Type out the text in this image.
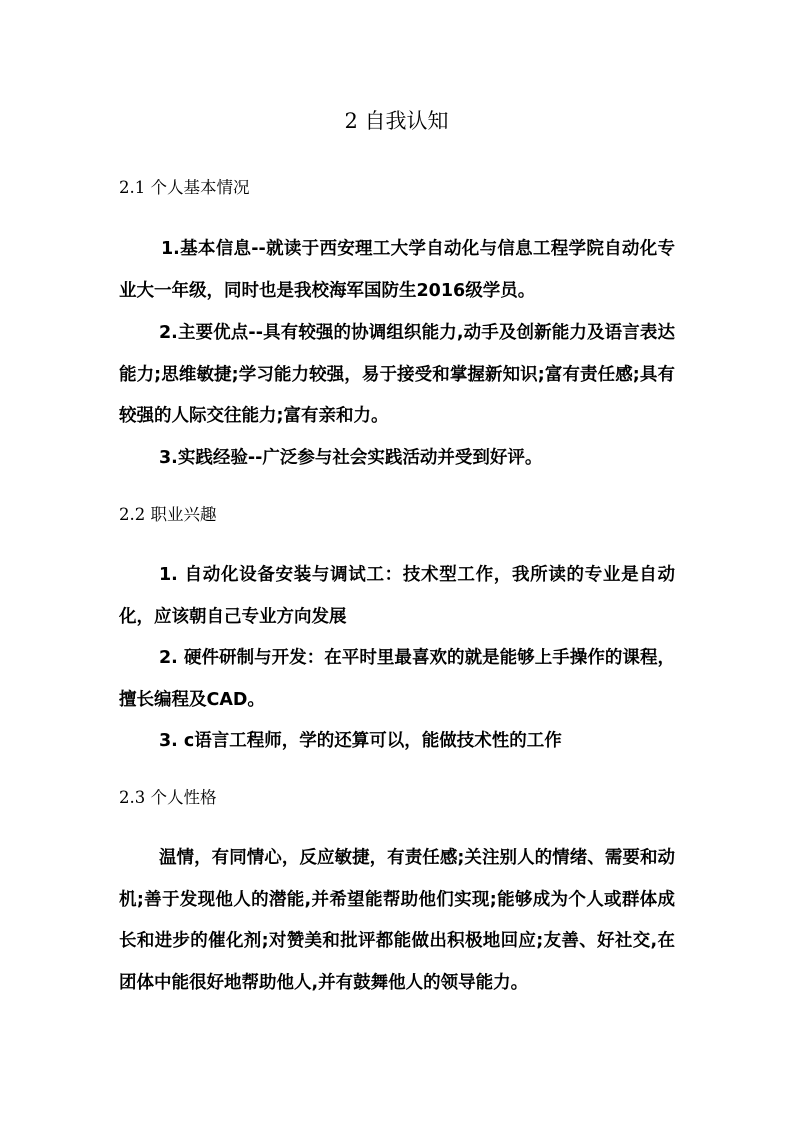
2 自我认知
2.1 个人基本情况

1.基本信息--就读于西安理工大学自动化与信息工程学院自动化专业大一年级，同时也是我校海军国防生2016级学员。

2.主要优点--具有较强的协调组织能力,动手及创新能力及语言表达能力;思维敏捷;学习能力较强，易于接受和掌握新知识;富有责任感;具有较强的人际交往能力;富有亲和力。

3.实践经验--广泛参与社会实践活动并受到好评。

2.2 职业兴趣

1. 自动化设备安装与调试工：技术型工作，我所读的专业是自动化，应该朝自己专业方向发展

2. 硬件研制与开发：在平时里最喜欢的就是能够上手操作的课程，擅长编程及CAD。

3. c语言工程师，学的还算可以，能做技术性的工作

2.3 个人性格

温情，有同情心，反应敏捷，有责任感;关注别人的情绪、需要和动机;善于发现他人的潜能,并希望能帮助他们实现;能够成为个人或群体成长和进步的催化剂;对赞美和批评都能做出积极地回应;友善、好社交,在团体中能很好地帮助他人,并有鼓舞他人的领导能力。
